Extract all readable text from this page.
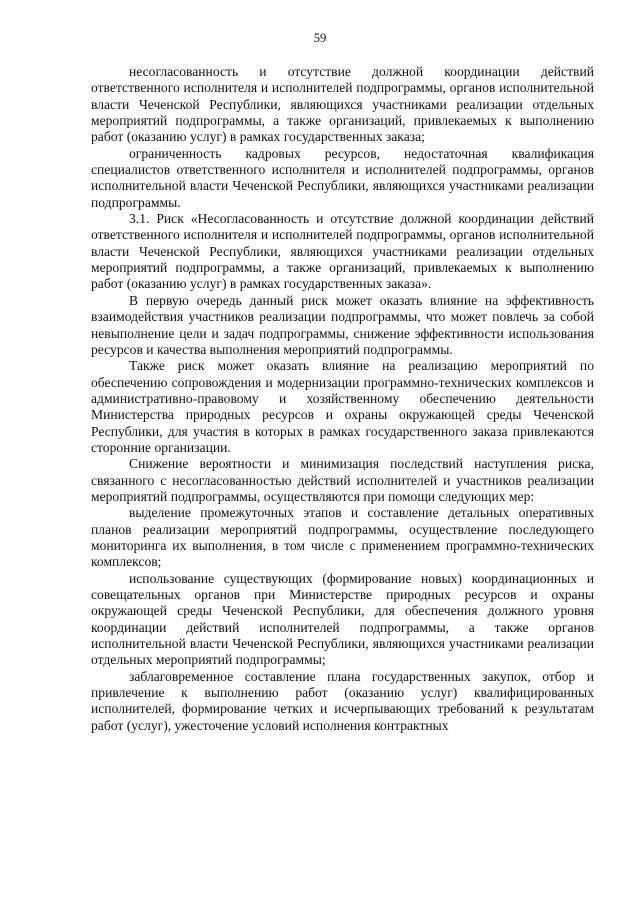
59

несогласованность и отсутствие должной координации действий ответственного исполнителя и исполнителей подпрограммы, органов исполнительной власти Чеченской Республики, являющихся участниками реализации отдельных мероприятий подпрограммы, а также организаций, привлекаемых к выполнению работ (оказанию услуг) в рамках государственных заказа;

ограниченность кадровых ресурсов, недостаточная квалификация специалистов ответственного исполнителя и исполнителей подпрограммы, органов исполнительной власти Чеченской Республики, являющихся участниками реализации подпрограммы.

3.1. Риск «Несогласованность и отсутствие должной координации действий ответственного исполнителя и исполнителей подпрограммы, органов исполнительной власти Чеченской Республики, являющихся участниками реализации отдельных мероприятий подпрограммы, а также организаций, привлекаемых к выполнению работ (оказанию услуг) в рамках государственных заказа».

В первую очередь данный риск может оказать влияние на эффективность взаимодействия участников реализации подпрограммы, что может повлечь за собой невыполнение цели и задач подпрограммы, снижение эффективности использования ресурсов и качества выполнения мероприятий подпрограммы.

Также риск может оказать влияние на реализацию мероприятий по обеспечению сопровождения и модернизации программно-технических комплексов и административно-правовому и хозяйственному обеспечению деятельности Министерства природных ресурсов и охраны окружающей среды Чеченской Республики, для участия в которых в рамках государственного заказа привлекаются сторонние организации.

Снижение вероятности и минимизация последствий наступления риска, связанного с несогласованностью действий исполнителей и участников реализации мероприятий подпрограммы, осуществляются при помощи следующих мер:

выделение промежуточных этапов и составление детальных оперативных планов реализации мероприятий подпрограммы, осуществление последующего мониторинга их выполнения, в том числе с применением программно-технических комплексов;

использование существующих (формирование новых) координационных и совещательных органов при Министерстве природных ресурсов и охраны окружающей среды Чеченской Республики, для обеспечения должного уровня координации действий исполнителей подпрограммы, а также органов исполнительной власти Чеченской Республики, являющихся участниками реализации отдельных мероприятий подпрограммы;

заблаговременное составление плана государственных закупок, отбор и привлечение к выполнению работ (оказанию услуг) квалифицированных исполнителей, формирование четких и исчерпывающих требований к результатам работ (услуг), ужесточение условий исполнения контрактных
